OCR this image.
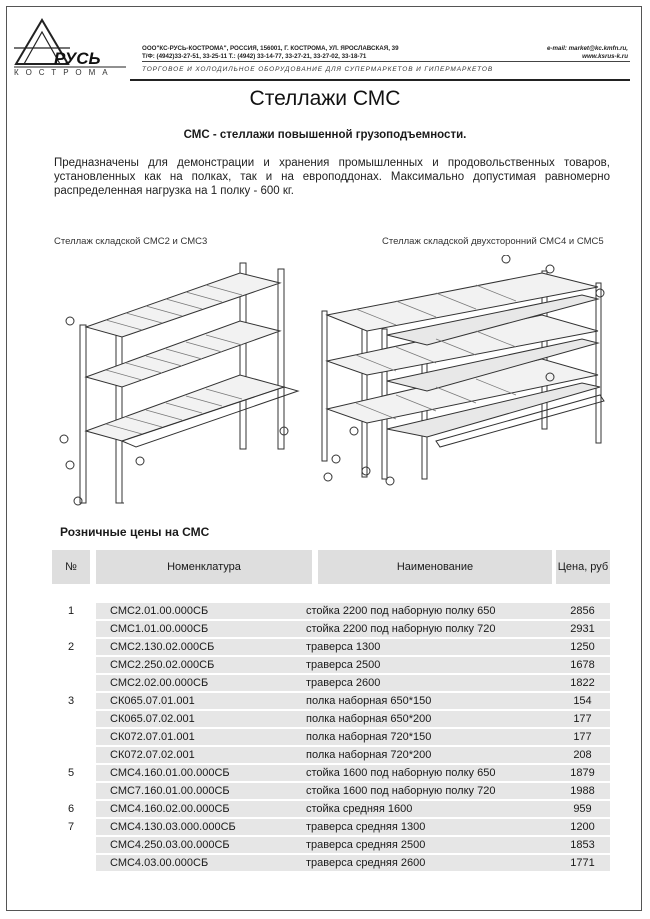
РУСЬ
КОСТРОМА
ООО"КС-РУСЬ-КОСТРОМА", РОССИЯ, 156001, Г. КОСТРОМА, УЛ. ЯРОСЛАВСКАЯ, 39
Т/Ф: (4942)33-27-51, 33-25-11 Т.: (4942) 33-14-77, 33-27-21, 33-27-02, 33-18-71
e-mail: market@kc.kmfn.ru,
www.ksrus-k.ru
ТОРГОВОЕ И ХОЛОДИЛЬНОЕ ОБОРУДОВАНИЕ ДЛЯ СУПЕРМАРКЕТОВ И ГИПЕРМАРКЕТОВ
Стеллажи СМС
СМС - стеллажи повышенной грузоподъемности.
Предназначены для демонстрации и хранения промышленных и продовольственных товаров, установленных как на полках, так и на европоддонах. Максимально допустимая равномерно распределенная нагрузка на 1 полку - 600 кг.
Стеллаж складской СМС2 и СМС3	Стеллаж складской двухсторонний СМС4 и СМС5
Розничные цены на СМС
№	Номенклатура	Наименование	Цена, руб
1	СМС2.01.00.000СБ	стойка 2200 под наборную полку 650	2856
СМС1.01.00.000СБ	стойка 2200 под наборную полку 720	2931
2	СМС2.130.02.000СБ	траверса 1300	1250
СМС2.250.02.000СБ	траверса 2500	1678
СМС2.02.00.000СБ	траверса 2600	1822
3	СК065.07.01.001	полка наборная 650*150	154
СК065.07.02.001	полка наборная 650*200	177
СК072.07.01.001	полка наборная 720*150	177
СК072.07.02.001	полка наборная 720*200	208
5	СМС4.160.01.00.000СБ	стойка 1600 под наборную полку 650	1879
СМС7.160.01.00.000СБ	стойка 1600 под наборную полку 720	1988
6	СМС4.160.02.00.000СБ	стойка средняя 1600	959
7	СМС4.130.03.000.000СБ	траверса средняя 1300	1200
СМС4.250.03.00.000СБ	траверса средняя 2500	1853
СМС4.03.00.000СБ	траверса средняя 2600	1771
